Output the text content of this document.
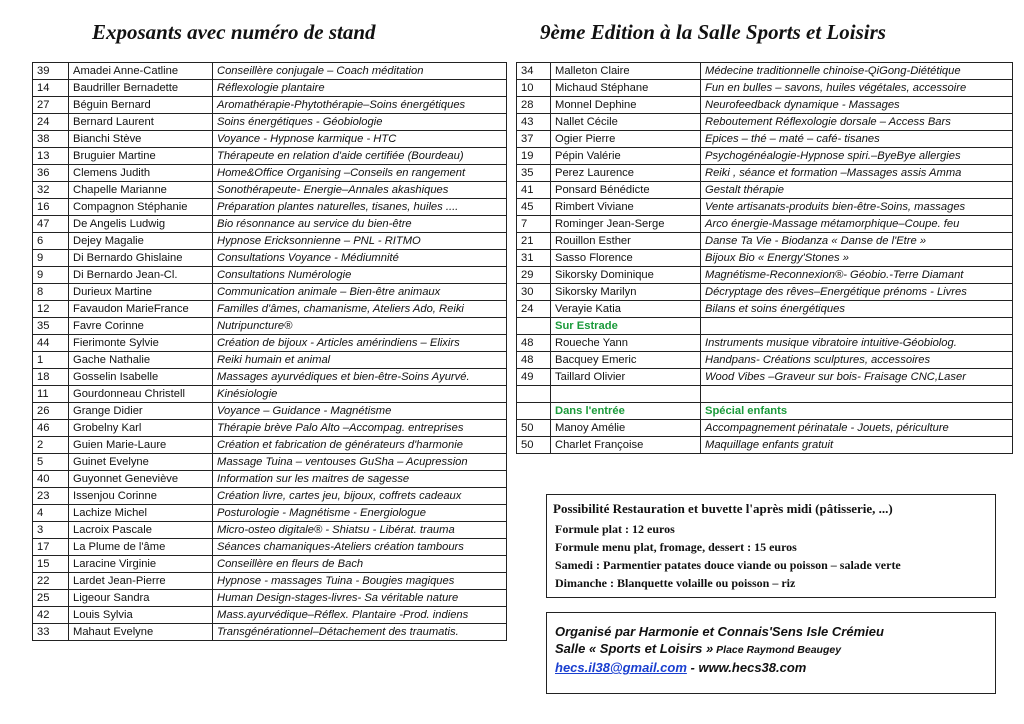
Exposants avec numéro de stand	9ème Edition à la Salle Sports et Loisirs
39	Amadei Anne-Catline	Conseillère conjugale – Coach méditation
14	Baudriller Bernadette	Réflexologie plantaire
27	Béguin Bernard	Aromathérapie-Phytothérapie–Soins énergétiques
24	Bernard Laurent	Soins énergétiques - Géobiologie
38	Bianchi Stève	Voyance - Hypnose karmique - HTC
13	Bruguier Martine	Thérapeute en relation d'aide certifiée (Bourdeau)
36	Clemens Judith	Home&Office Organising –Conseils en rangement
32	Chapelle Marianne	Sonothérapeute- Energie–Annales akashiques
16	Compagnon Stéphanie	Préparation plantes naturelles, tisanes, huiles ....
47	De Angelis Ludwig	Bio résonnance au service du bien-être
6	Dejey Magalie	Hypnose Ericksonnienne – PNL - RITMO
9	Di Bernardo Ghislaine	Consultations Voyance - Médiumnité
9	Di Bernardo Jean-Cl.	Consultations Numérologie
8	Durieux Martine	Communication animale – Bien-être animaux
12	Favaudon MarieFrance	Familles d'âmes, chamanisme, Ateliers Ado, Reiki
35	Favre Corinne	Nutripuncture®
44	Fierimonte Sylvie	Création de bijoux - Articles amérindiens – Elixirs
1	Gache Nathalie	Reiki humain et animal
18	Gosselin Isabelle	Massages ayurvédiques et bien-être-Soins Ayurvé.
11	Gourdonneau Christell	Kinésiologie
26	Grange Didier	Voyance – Guidance - Magnétisme
46	Grobelny Karl	Thérapie brève Palo Alto –Accompag. entreprises
2	Guien Marie-Laure	Création et fabrication de générateurs d'harmonie
5	Guinet Evelyne	Massage Tuina – ventouses GuSha – Acupression
40	Guyonnet Geneviève	Information sur les maitres de sagesse
23	Issenjou Corinne	Création livre, cartes jeu, bijoux, coffrets cadeaux
4	Lachize Michel	Posturologie - Magnétisme - Energiologue
3	Lacroix Pascale	Micro-osteo digitale® - Shiatsu - Libérat. trauma
17	La Plume de l'âme	Séances chamaniques-Ateliers création tambours
15	Laracine Virginie	Conseillère en fleurs de Bach
22	Lardet Jean-Pierre	Hypnose - massages Tuina - Bougies magiques
25	Ligeour Sandra	Human Design-stages-livres- Sa véritable nature
42	Louis Sylvia	Mass.ayurvédique–Réflex. Plantaire -Prod. indiens
33	Mahaut Evelyne	Transgénérationnel–Détachement des traumatis.
34	Malleton Claire	Médecine traditionnelle chinoise-QiGong-Diététique
10	Michaud Stéphane	Fun en bulles – savons, huiles végétales, accessoire
28	Monnel Dephine	Neurofeedback dynamique - Massages
43	Nallet Cécile	Reboutement Réflexologie dorsale – Access Bars
37	Ogier Pierre	Epices – thé – maté – café- tisanes
19	Pépin Valérie	Psychogénéalogie-Hypnose spiri.–ByeBye allergies
35	Perez Laurence	Reiki , séance et formation –Massages assis Amma
41	Ponsard Bénédicte	Gestalt thérapie
45	Rimbert Viviane	Vente artisanats-produits bien-être-Soins, massages
7	Rominger Jean-Serge	Arco énergie-Massage métamorphique–Coupe. feu
21	Rouillon Esther	Danse Ta Vie - Biodanza « Danse de l'Etre »
31	Sasso Florence	Bijoux Bio « Energy'Stones »
29	Sikorsky Dominique	Magnétisme-Reconnexion®- Géobio.-Terre Diamant
30	Sikorsky Marilyn	Décryptage des rêves–Energétique prénoms - Livres
24	Verayie Katia	Bilans et soins énergétiques
	Sur Estrade	
48	Roueche Yann	Instruments musique vibratoire intuitive-Géobiolog.
48	Bacquey Emeric	Handpans- Créations sculptures, accessoires
49	Taillard Olivier	Wood Vibes –Graveur sur bois- Fraisage CNC,Laser

	Dans l'entrée	Spécial enfants
50	Manoy Amélie	Accompagnement périnatale - Jouets, périculture
50	Charlet Françoise	Maquillage enfants gratuit
Possibilité Restauration et buvette l'après midi (pâtisserie, ...)
Formule plat : 12 euros
Formule menu plat, fromage, dessert : 15 euros
Samedi : Parmentier patates douce viande ou poisson – salade verte
Dimanche : Blanquette volaille ou poisson – riz
Organisé par Harmonie et Connais'Sens Isle Crémieu
Salle « Sports et Loisirs » Place Raymond Beaugey
hecs.il38@gmail.com - www.hecs38.com
